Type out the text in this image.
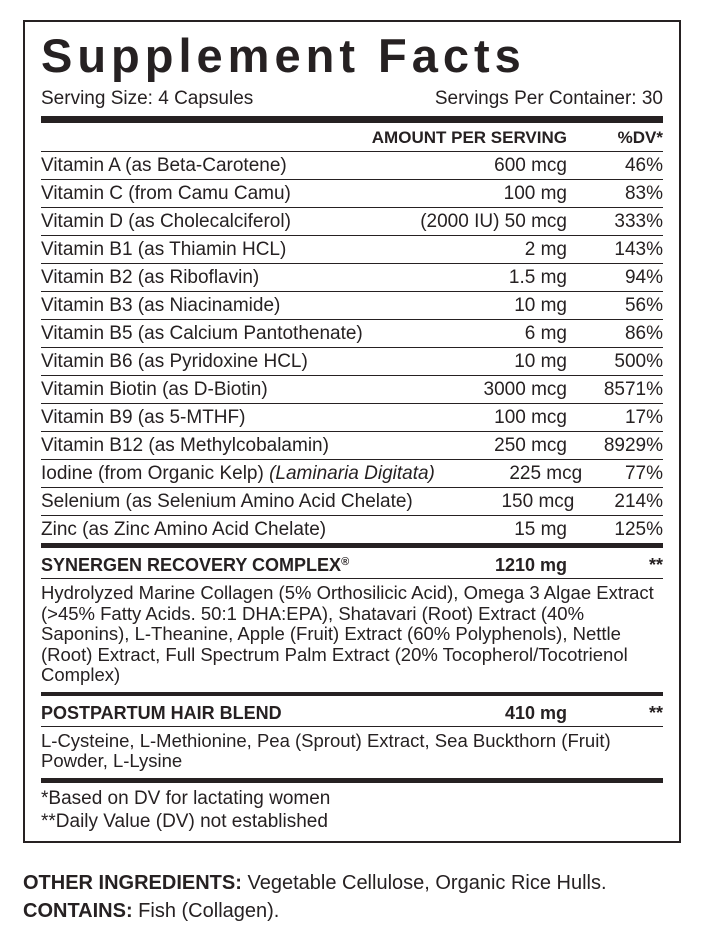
Supplement Facts
Serving Size: 4 Capsules	Servings Per Container: 30
AMOUNT PER SERVING	%DV*
Vitamin A (as Beta-Carotene)	600 mcg	46%
Vitamin C (from Camu Camu)	100 mg	83%
Vitamin D (as Cholecalciferol)	(2000 IU) 50 mcg	333%
Vitamin B1 (as Thiamin HCL)	2 mg	143%
Vitamin B2 (as Riboflavin)	1.5 mg	94%
Vitamin B3 (as Niacinamide)	10 mg	56%
Vitamin B5 (as Calcium Pantothenate)	6 mg	86%
Vitamin B6 (as Pyridoxine HCL)	10 mg	500%
Vitamin Biotin (as D-Biotin)	3000 mcg	8571%
Vitamin B9 (as 5-MTHF)	100 mcg	17%
Vitamin B12 (as Methylcobalamin)	250 mcg	8929%
Iodine (from Organic Kelp) (Laminaria Digitata)	225 mcg	77%
Selenium (as Selenium Amino Acid Chelate)	150 mcg	214%
Zinc (as Zinc Amino Acid Chelate)	15 mg	125%
SYNERGEN RECOVERY COMPLEX®	1210 mg	**
Hydrolyzed Marine Collagen (5% Orthosilicic Acid), Omega 3 Algae Extract (>45% Fatty Acids. 50:1 DHA:EPA), Shatavari (Root) Extract (40% Saponins), L-Theanine, Apple (Fruit) Extract (60% Polyphenols), Nettle (Root) Extract, Full Spectrum Palm Extract (20% Tocopherol/Tocotrienol Complex)
POSTPARTUM HAIR BLEND	410 mg	**
L-Cysteine, L-Methionine, Pea (Sprout) Extract, Sea Buckthorn (Fruit) Powder, L-Lysine
*Based on DV for lactating women
**Daily Value (DV) not established
OTHER INGREDIENTS: Vegetable Cellulose, Organic Rice Hulls.
CONTAINS: Fish (Collagen).
